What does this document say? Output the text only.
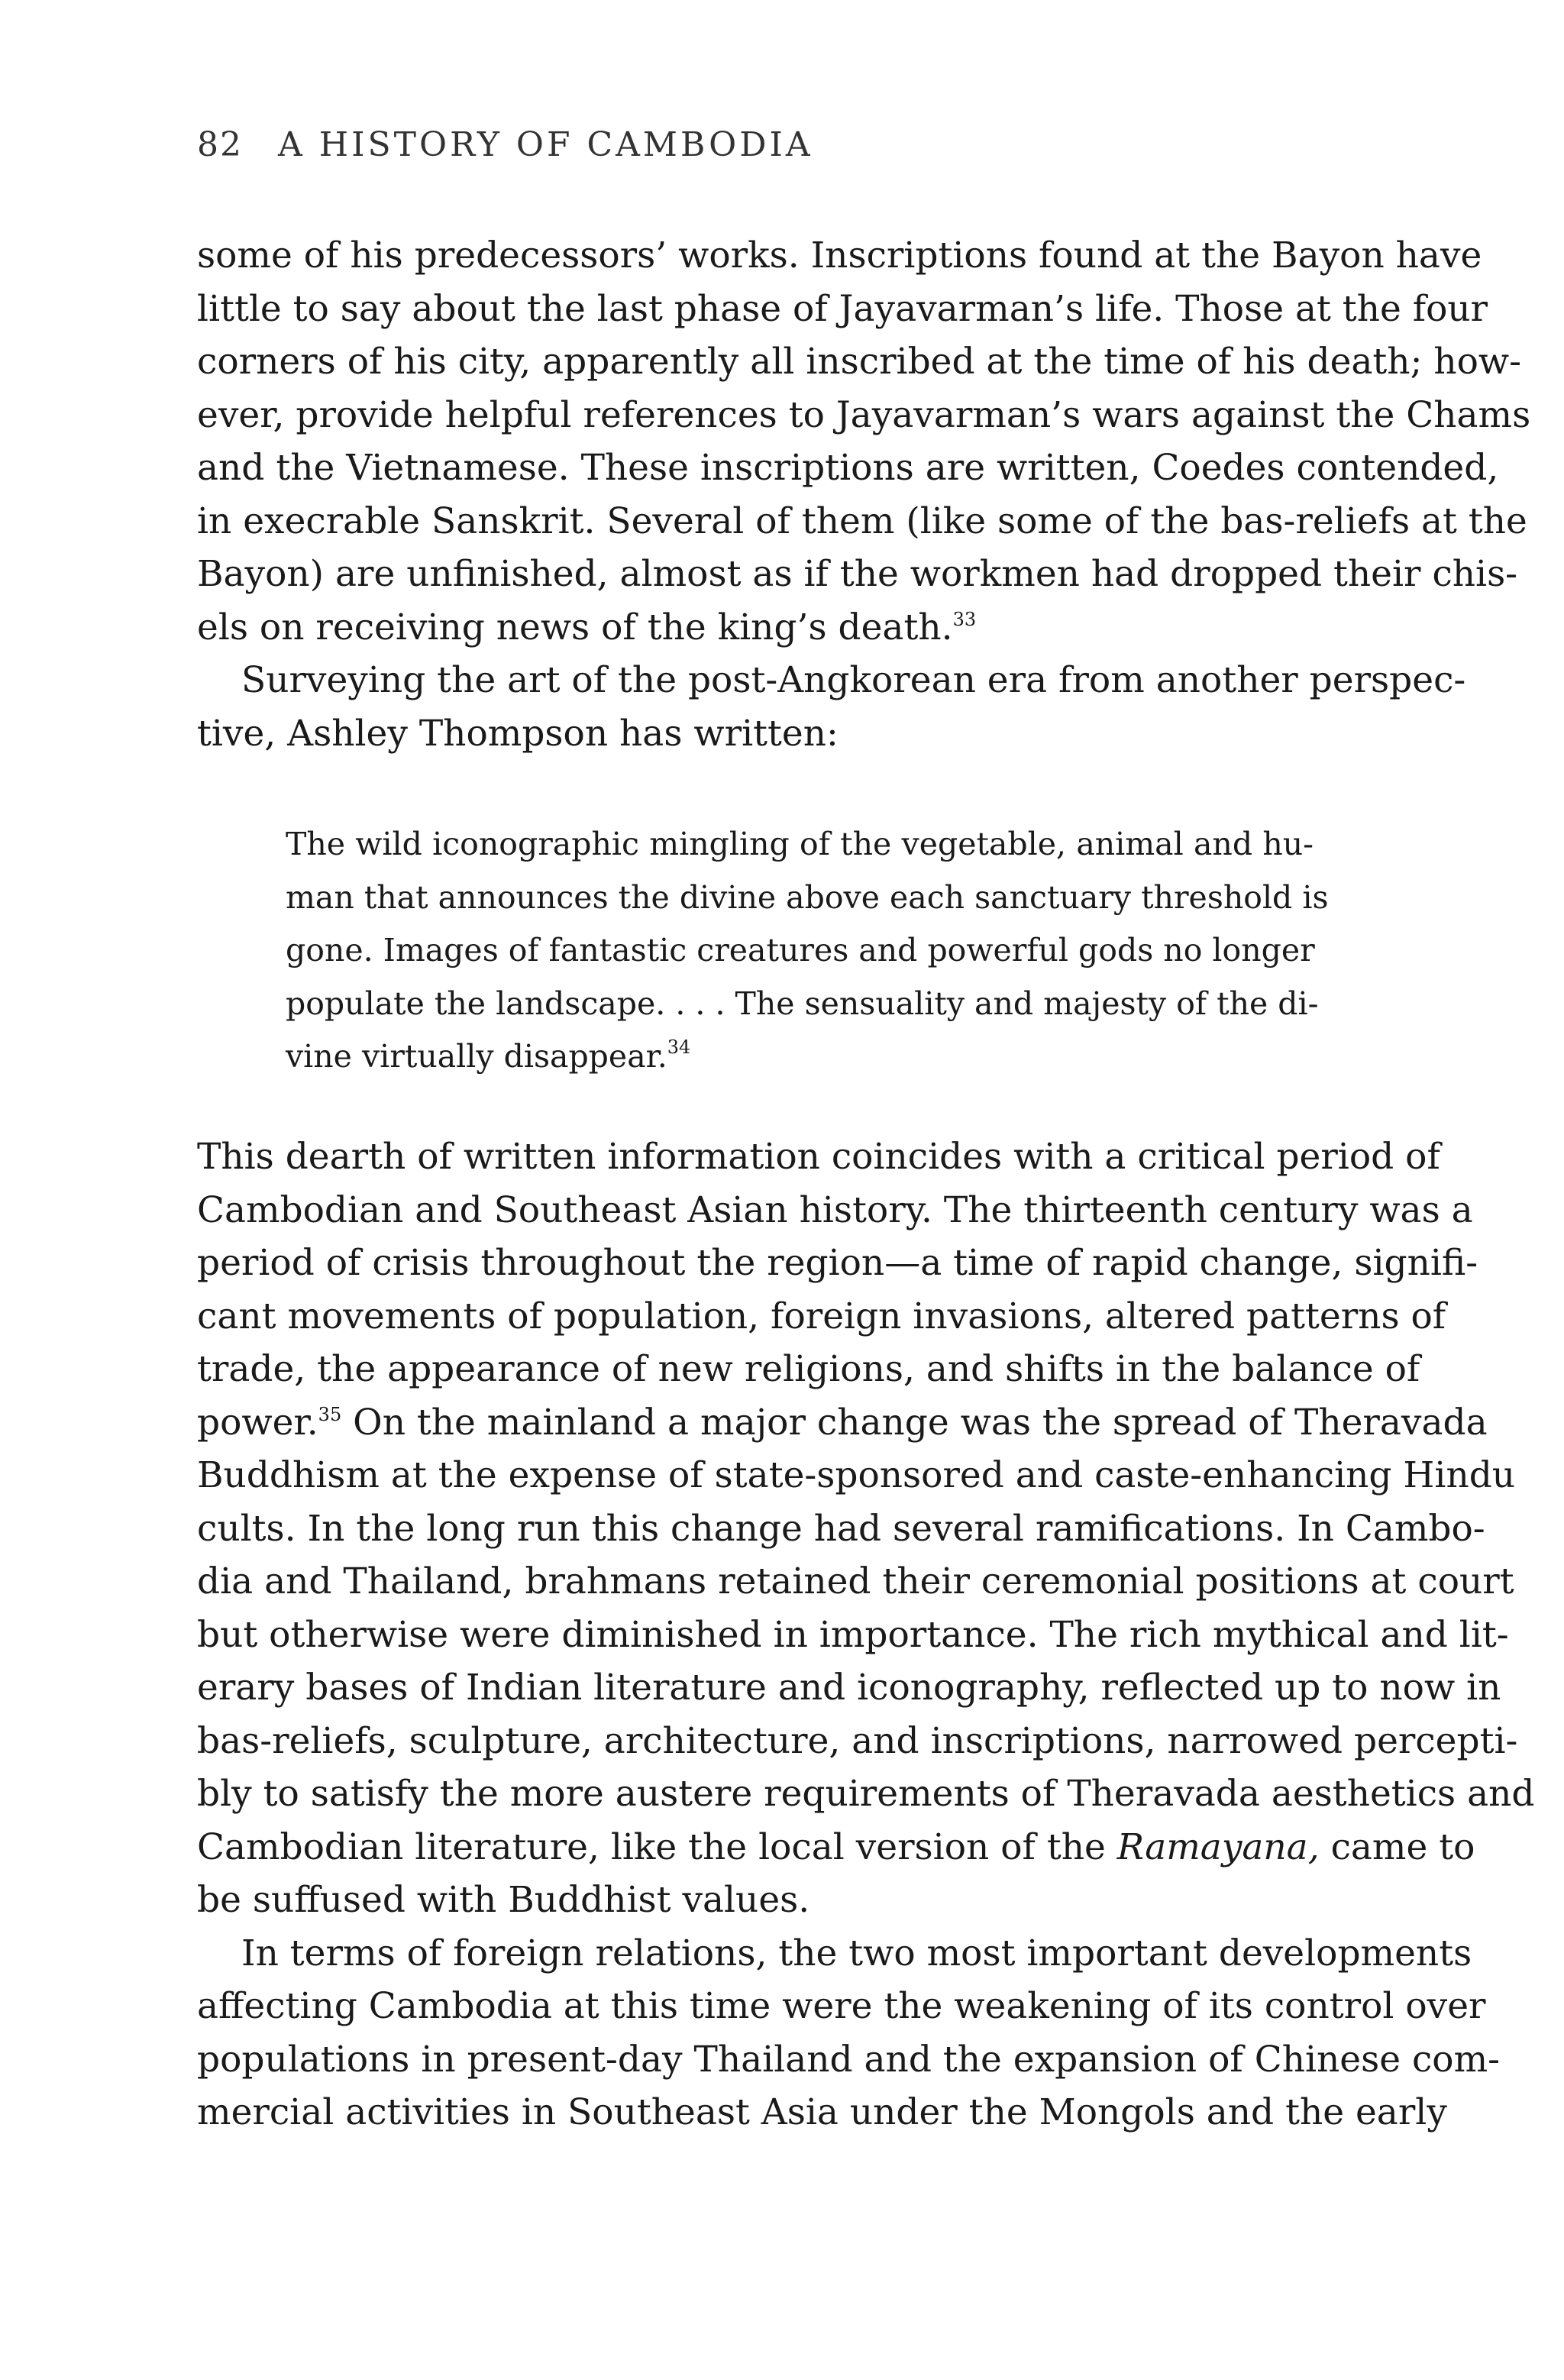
82 A HISTORY OF CAMBODIA
some of his predecessors’ works. Inscriptions found at the Bayon have
little to say about the last phase of Jayavarman’s life. Those at the four
corners of his city, apparently all inscribed at the time of his death; how-
ever, provide helpful references to Jayavarman’s wars against the Chams
and the Vietnamese. These inscriptions are written, Coedes contended,
in execrable Sanskrit. Several of them (like some of the bas-reliefs at the
Bayon) are unfinished, almost as if the workmen had dropped their chis-
els on receiving news of the king’s death.$^{33}$
Surveying the art of the post-Angkorean era from another perspec-
tive, Ashley Thompson has written:
The wild iconographic mingling of the vegetable, animal and hu-
man that announces the divine above each sanctuary threshold is
gone. Images of fantastic creatures and powerful gods no longer
populate the landscape. . . . The sensuality and majesty of the di-
vine virtually disappear.$^{34}$
This dearth of written information coincides with a critical period of
Cambodian and Southeast Asian history. The thirteenth century was a
period of crisis throughout the region—a time of rapid change, signifi-
cant movements of population, foreign invasions, altered patterns of
trade, the appearance of new religions, and shifts in the balance of
power.$^{35}$ On the mainland a major change was the spread of Theravada
Buddhism at the expense of state-sponsored and caste-enhancing Hindu
cults. In the long run this change had several ramifications. In Cambo-
dia and Thailand, brahmans retained their ceremonial positions at court
but otherwise were diminished in importance. The rich mythical and lit-
erary bases of Indian literature and iconography, reflected up to now in
bas-reliefs, sculpture, architecture, and inscriptions, narrowed percepti-
bly to satisfy the more austere requirements of Theravada aesthetics and
Cambodian literature, like the local version of the Ramayana, came to
be suffused with Buddhist values.
In terms of foreign relations, the two most important developments
affecting Cambodia at this time were the weakening of its control over
populations in present-day Thailand and the expansion of Chinese com-
mercial activities in Southeast Asia under the Mongols and the early
